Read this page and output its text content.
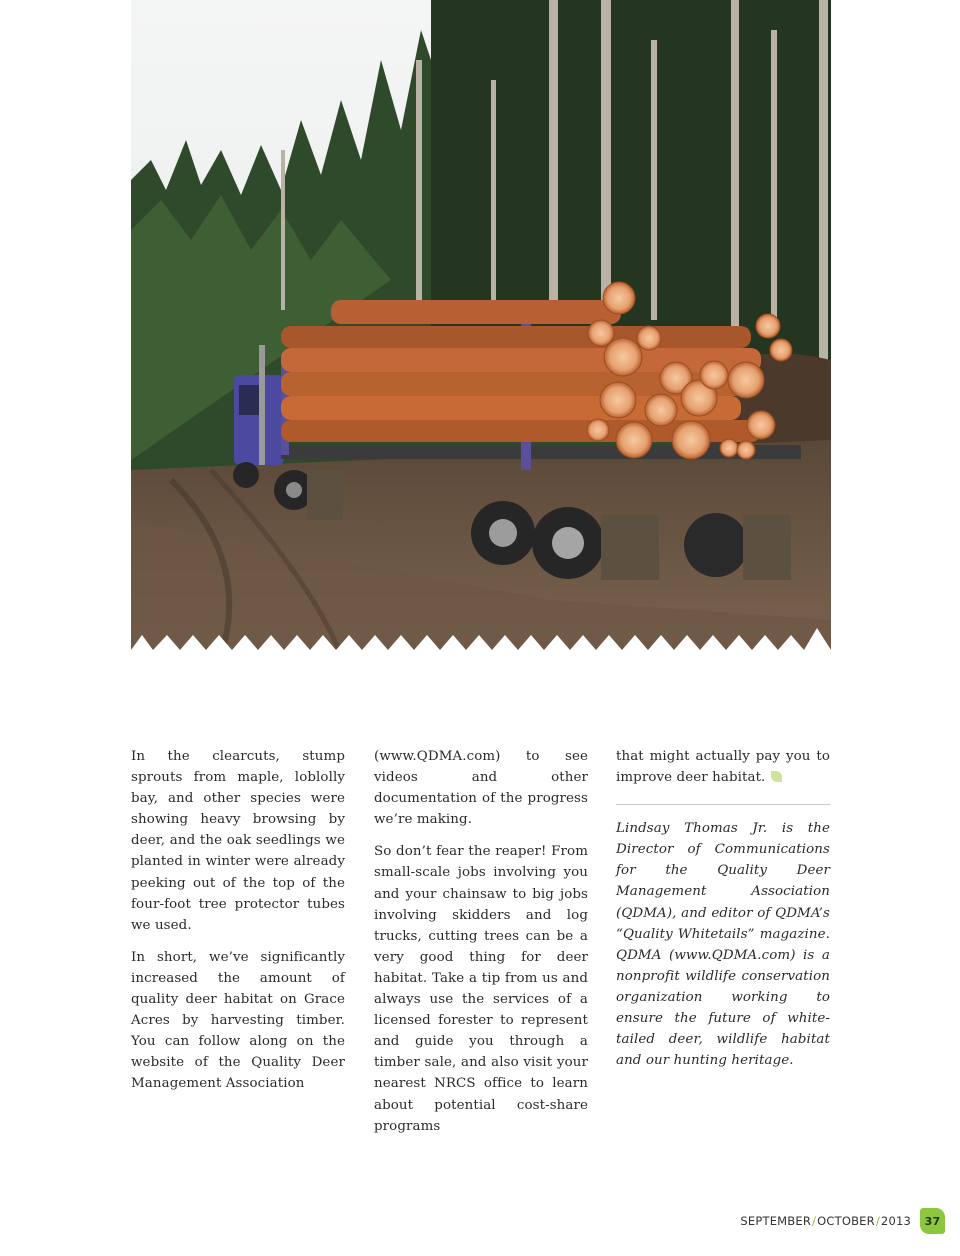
In the clearcuts, stump sprouts from maple, loblolly bay, and other species were showing heavy browsing by deer, and the oak seedlings we planted in winter were already peeking out of the top of the four-foot tree protector tubes we used.

In short, we’ve significantly increased the amount of quality deer habitat on Grace Acres by harvesting timber. You can follow along on the website of the Quality Deer Management Association

(www.QDMA.com) to see videos and other documentation of the progress we’re making.

So don’t fear the reaper! From small-scale jobs involving you and your chainsaw to big jobs involving skidders and log trucks, cutting trees can be a very good thing for deer habitat. Take a tip from us and always use the services of a licensed forester to represent and guide you through a timber sale, and also visit your nearest NRCS office to learn about potential cost-share programs

that might actually pay you to improve deer habitat.

Lindsay Thomas Jr. is the Director of Communications for the Quality Deer Management Association (QDMA), and editor of QDMA’s “Quality Whitetails” magazine. QDMA (www.QDMA.com) is a nonprofit wildlife conservation organization working to ensure the future of white-tailed deer, wildlife habitat and our hunting heritage.

SEPTEMBER / OCTOBER / 2013	37
